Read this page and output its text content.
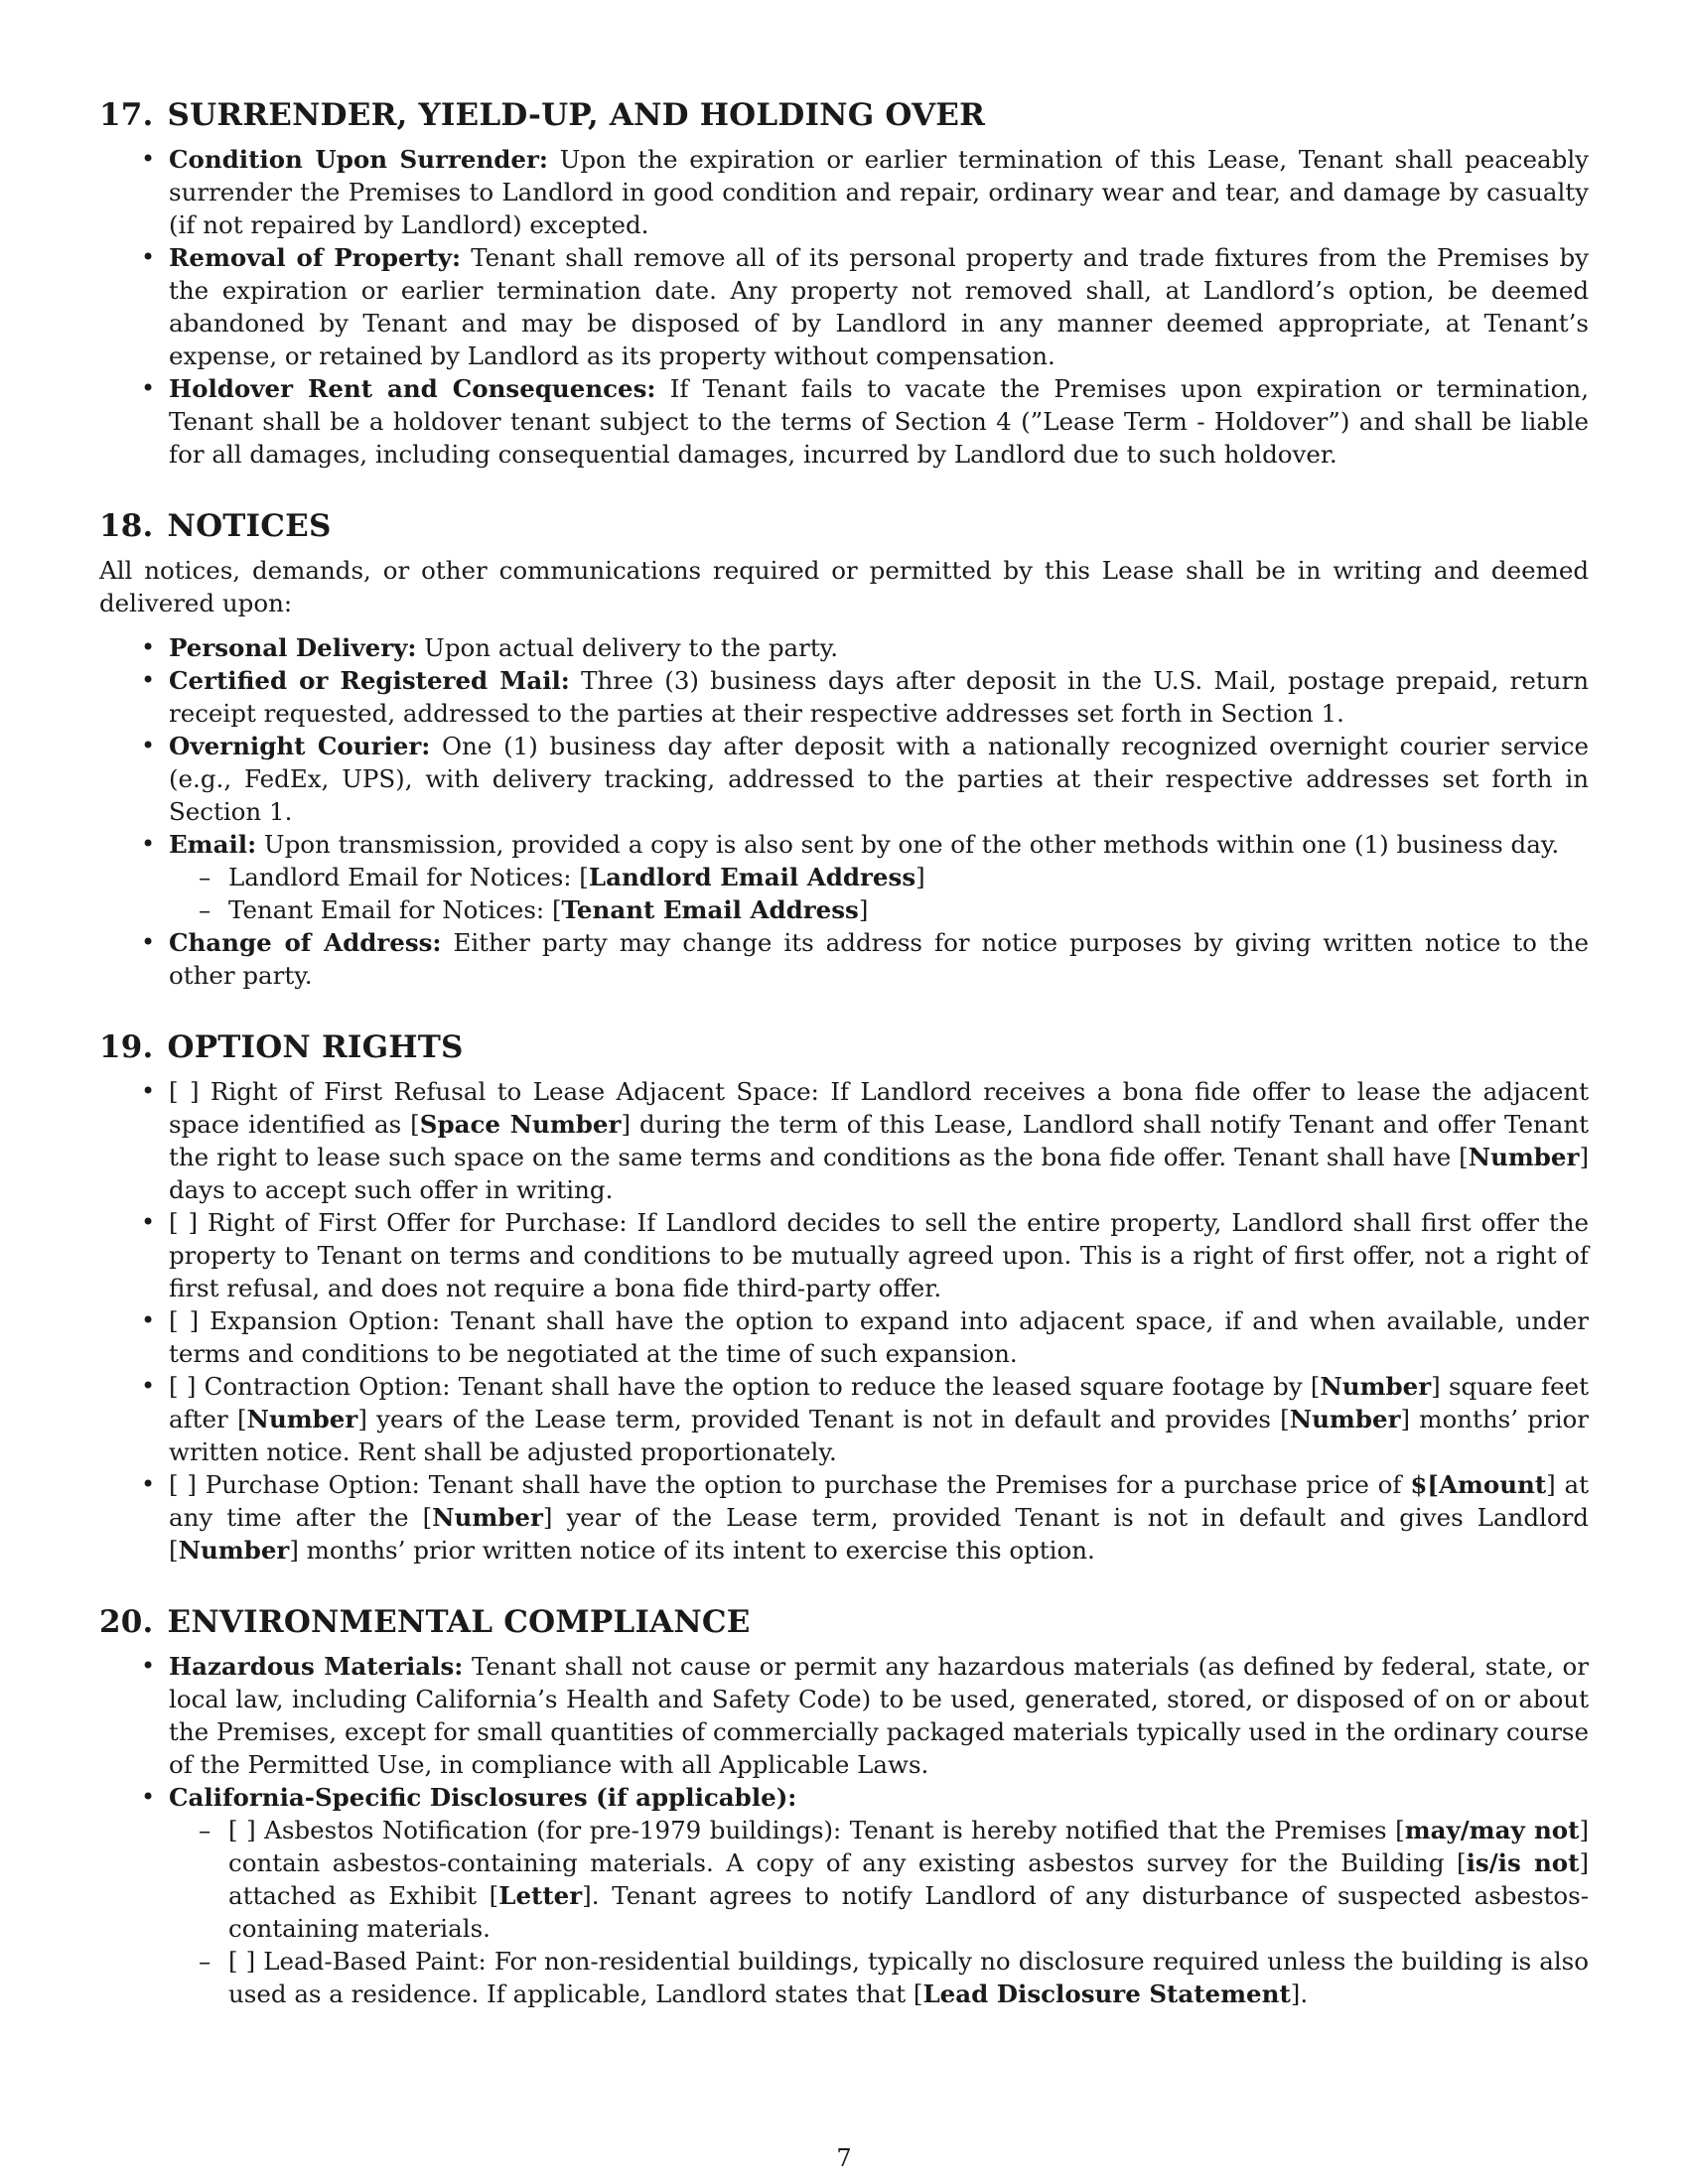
17. SURRENDER, YIELD-UP, AND HOLDING OVER
• Condition Upon Surrender: Upon the expiration or earlier termination of this Lease, Tenant shall peaceably surrender the Premises to Landlord in good condition and repair, ordinary wear and tear, and damage by casualty (if not repaired by Landlord) excepted.
• Removal of Property: Tenant shall remove all of its personal property and trade fixtures from the Premises by the expiration or earlier termination date. Any property not removed shall, at Landlord’s option, be deemed abandoned by Tenant and may be disposed of by Landlord in any manner deemed appropriate, at Tenant’s expense, or retained by Landlord as its property without compensation.
• Holdover Rent and Consequences: If Tenant fails to vacate the Premises upon expiration or termination, Tenant shall be a holdover tenant subject to the terms of Section 4 (”Lease Term - Holdover”) and shall be liable for all damages, including consequential damages, incurred by Landlord due to such holdover.
18. NOTICES

All notices, demands, or other communications required or permitted by this Lease shall be in writing and deemed delivered upon:

• Personal Delivery: Upon actual delivery to the party.
• Certified or Registered Mail: Three (3) business days after deposit in the U.S. Mail, postage prepaid, return receipt requested, addressed to the parties at their respective addresses set forth in Section 1.
• Overnight Courier: One (1) business day after deposit with a nationally recognized overnight courier service (e.g., FedEx, UPS), with delivery tracking, addressed to the parties at their respective addresses set forth in Section 1.
• Email: Upon transmission, provided a copy is also sent by one of the other methods within one (1) business day.
– Landlord Email for Notices: [Landlord Email Address]
– Tenant Email for Notices: [Tenant Email Address]
• Change of Address: Either party may change its address for notice purposes by giving written notice to the other party.
19. OPTION RIGHTS
• [ ] Right of First Refusal to Lease Adjacent Space: If Landlord receives a bona fide offer to lease the adjacent space identified as [Space Number] during the term of this Lease, Landlord shall notify Tenant and offer Tenant the right to lease such space on the same terms and conditions as the bona fide offer. Tenant shall have [Number] days to accept such offer in writing.
• [ ] Right of First Offer for Purchase: If Landlord decides to sell the entire property, Landlord shall first offer the property to Tenant on terms and conditions to be mutually agreed upon. This is a right of first offer, not a right of first refusal, and does not require a bona fide third-party offer.
• [ ] Expansion Option: Tenant shall have the option to expand into adjacent space, if and when available, under terms and conditions to be negotiated at the time of such expansion.
• [ ] Contraction Option: Tenant shall have the option to reduce the leased square footage by [Number] square feet after [Number] years of the Lease term, provided Tenant is not in default and provides [Number] months’ prior written notice. Rent shall be adjusted proportionately.
• [ ] Purchase Option: Tenant shall have the option to purchase the Premises for a purchase price of $[Amount] at any time after the [Number] year of the Lease term, provided Tenant is not in default and gives Landlord [Number] months’ prior written notice of its intent to exercise this option.
20. ENVIRONMENTAL COMPLIANCE
• Hazardous Materials: Tenant shall not cause or permit any hazardous materials (as defined by federal, state, or local law, including California’s Health and Safety Code) to be used, generated, stored, or disposed of on or about the Premises, except for small quantities of commercially packaged materials typically used in the ordinary course of the Permitted Use, in compliance with all Applicable Laws.
• California-Specific Disclosures (if applicable):
– [ ] Asbestos Notification (for pre-1979 buildings): Tenant is hereby notified that the Premises [may/may not] contain asbestos-containing materials. A copy of any existing asbestos survey for the Building [is/is not] attached as Exhibit [Letter]. Tenant agrees to notify Landlord of any disturbance of suspected asbestos-containing materials.
– [ ] Lead-Based Paint: For non-residential buildings, typically no disclosure required unless the building is also used as a residence. If applicable, Landlord states that [Lead Disclosure Statement].
7
